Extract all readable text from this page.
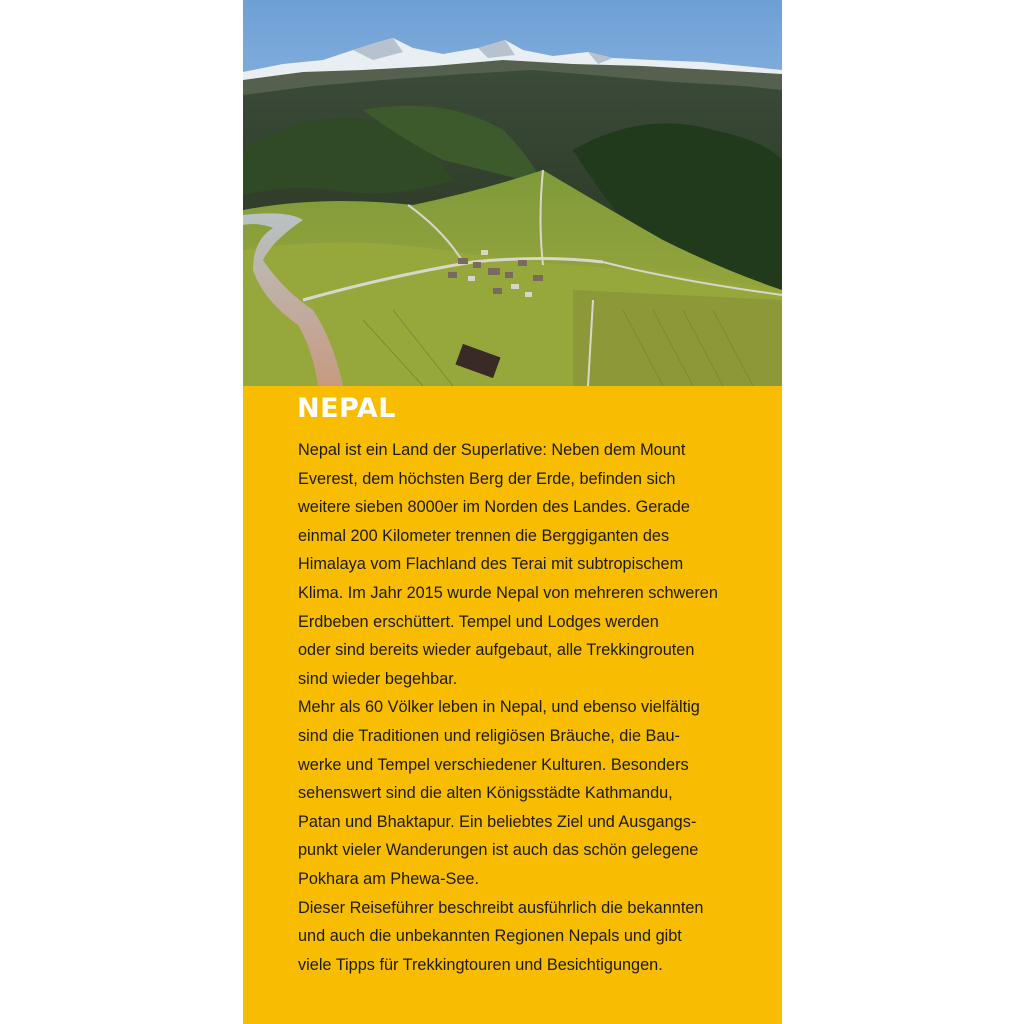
NEPAL

Nepal ist ein Land der Superlative: Neben dem Mount
Everest, dem höchsten Berg der Erde, befinden sich
weitere sieben 8000er im Norden des Landes. Gerade
einmal 200 Kilometer trennen die Berggiganten des
Himalaya vom Flachland des Terai mit subtropischem
Klima. Im Jahr 2015 wurde Nepal von mehreren schweren
Erdbeben erschüttert. Tempel und Lodges werden
oder sind bereits wieder aufgebaut, alle Trekkingrouten
sind wieder begehbar.
Mehr als 60 Völker leben in Nepal, und ebenso vielfältig
sind die Traditionen und religiösen Bräuche, die Bau-
werke und Tempel verschiedener Kulturen. Besonders
sehenswert sind die alten Königsstädte Kathmandu,
Patan und Bhaktapur. Ein beliebtes Ziel und Ausgangs-
punkt vieler Wanderungen ist auch das schön gelegene
Pokhara am Phewa-See.
Dieser Reiseführer beschreibt ausführlich die bekannten
und auch die unbekannten Regionen Nepals und gibt
viele Tipps für Trekkingtouren und Besichtigungen.
